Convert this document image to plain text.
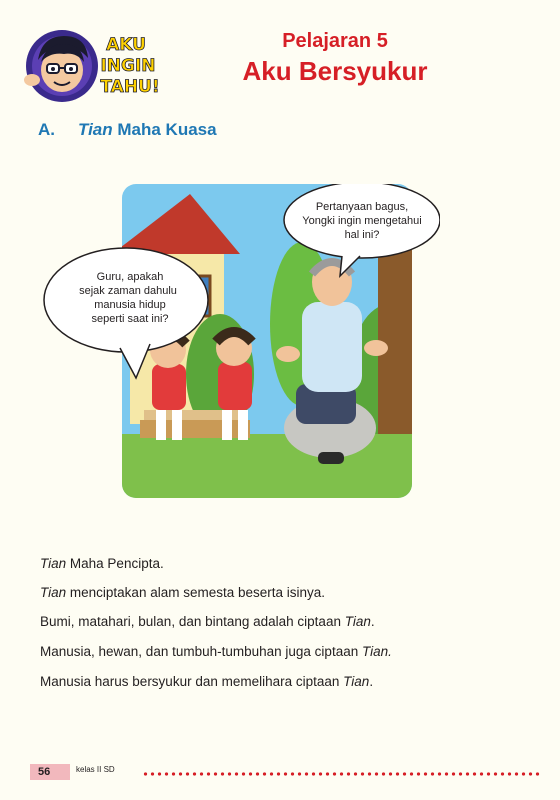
AKU
INGIN
TAHU!
Pelajaran 5
Aku Bersyukur
A. Tian Maha Kuasa
Guru, apakah
sejak zaman dahulu
manusia hidup
seperti saat ini?
Pertanyaan bagus,
Yongki ingin mengetahui
hal ini?
Tian Maha Pencipta.
Tian menciptakan alam semesta beserta isinya.
Bumi, matahari, bulan, dan bintang adalah ciptaan Tian.
Manusia, hewan, dan tumbuh-tumbuhan juga ciptaan Tian.
Manusia harus bersyukur dan memelihara ciptaan Tian.
56	kelas II SD
